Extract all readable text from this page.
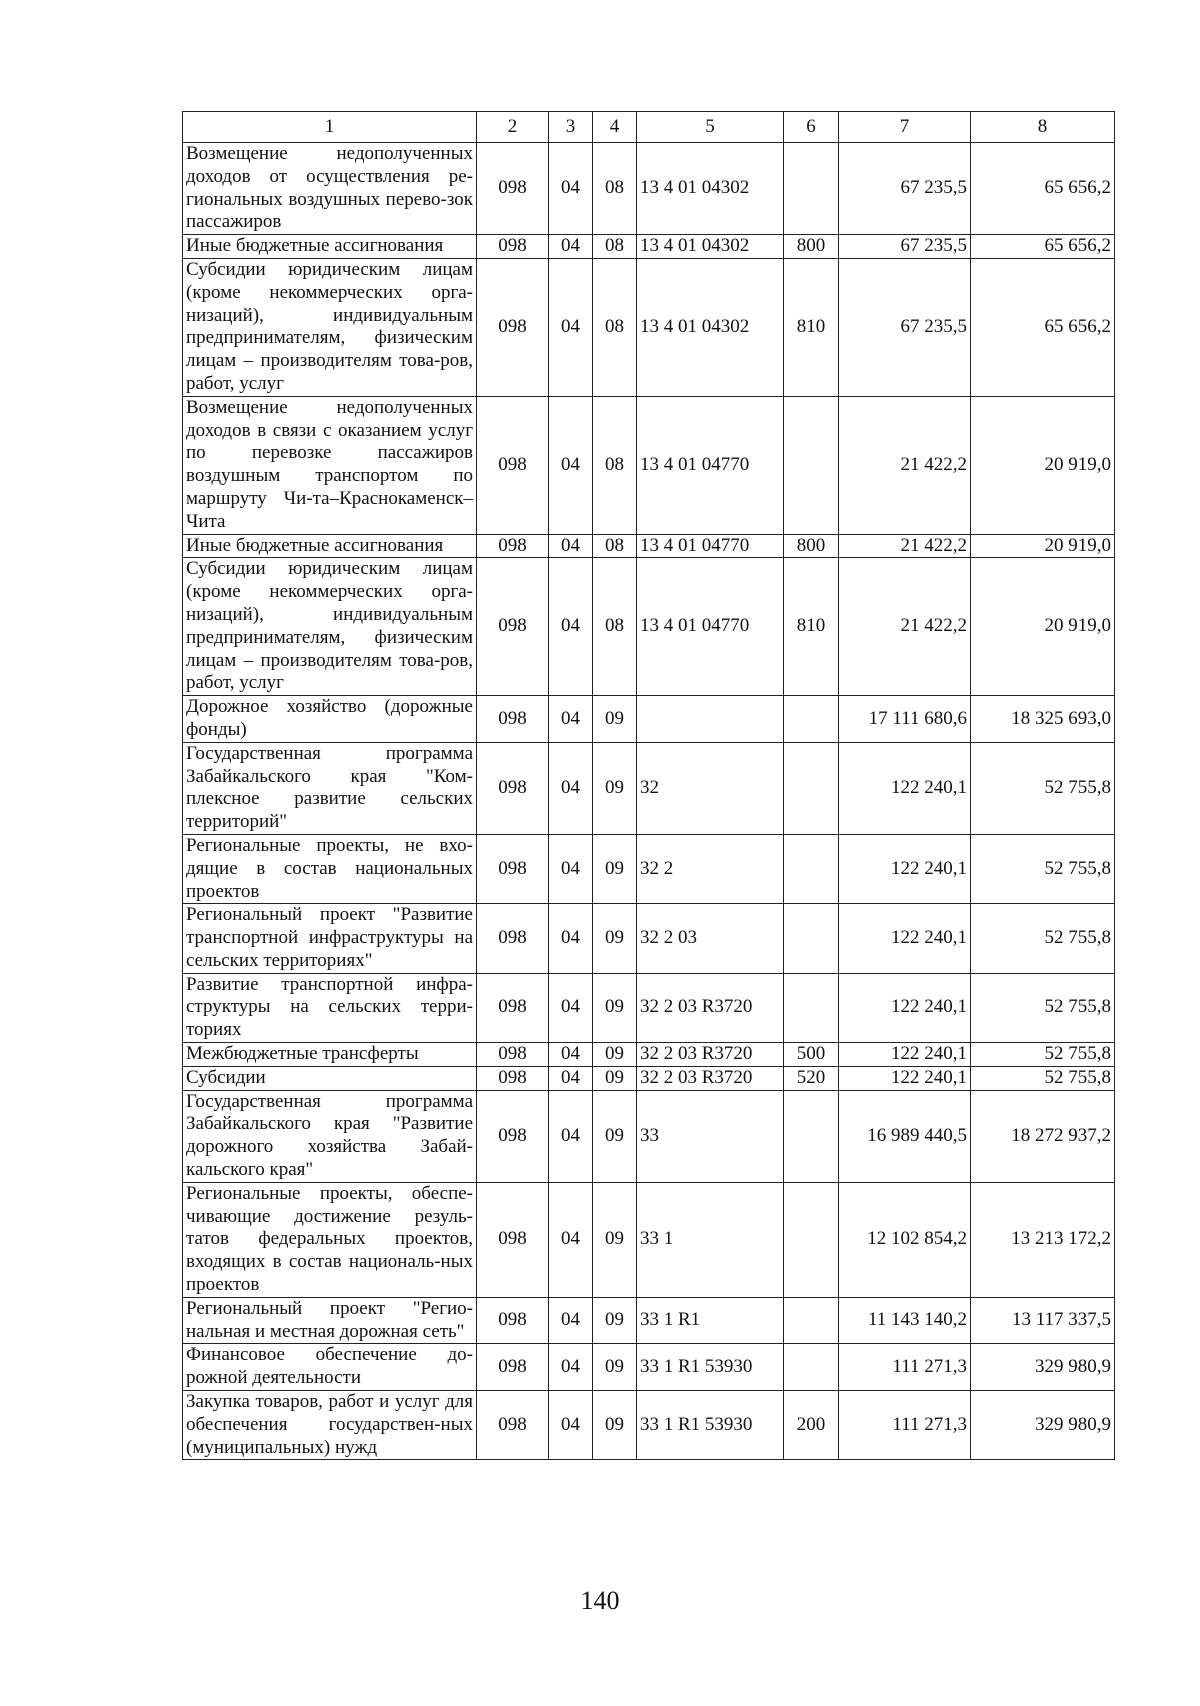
1	2	3	4	5	6	7	8
Возмещение недополученных доходов от осуществления ре-гиональных воздушных перево-зок пассажиров	098	04	08	13 4 01 04302		67 235,5	65 656,2
Иные бюджетные ассигнования	098	04	08	13 4 01 04302	800	67 235,5	65 656,2
Субсидии юридическим лицам (кроме некоммерческих орга-низаций), индивидуальным предпринимателям, физическим лицам – производителям това-ров, работ, услуг	098	04	08	13 4 01 04302	810	67 235,5	65 656,2
Возмещение недополученных доходов в связи с оказанием услуг по перевозке пассажиров воздушным транспортом по маршруту Чи-та–Краснокаменск–Чита	098	04	08	13 4 01 04770		21 422,2	20 919,0
Иные бюджетные ассигнования	098	04	08	13 4 01 04770	800	21 422,2	20 919,0
Субсидии юридическим лицам (кроме некоммерческих орга-низаций), индивидуальным предпринимателям, физическим лицам – производителям това-ров, работ, услуг	098	04	08	13 4 01 04770	810	21 422,2	20 919,0
Дорожное хозяйство (дорожные фонды)	098	04	09			17 111 680,6	18 325 693,0
Государственная программа Забайкальского края "Ком-плексное развитие сельских территорий"	098	04	09	32		122 240,1	52 755,8
Региональные проекты, не вхо-дящие в состав национальных проектов	098	04	09	32 2		122 240,1	52 755,8
Региональный проект "Развитие транспортной инфраструктуры на сельских территориях"	098	04	09	32 2 03		122 240,1	52 755,8
Развитие транспортной инфра-структуры на сельских терри-ториях	098	04	09	32 2 03 R3720		122 240,1	52 755,8
Межбюджетные трансферты	098	04	09	32 2 03 R3720	500	122 240,1	52 755,8
Субсидии	098	04	09	32 2 03 R3720	520	122 240,1	52 755,8
Государственная программа Забайкальского края "Развитие дорожного хозяйства Забай-кальского края"	098	04	09	33		16 989 440,5	18 272 937,2
Региональные проекты, обеспе-чивающие достижение резуль-татов федеральных проектов, входящих в состав националь-ных проектов	098	04	09	33 1		12 102 854,2	13 213 172,2
Региональный проект "Регио-нальная и местная дорожная сеть"	098	04	09	33 1 R1		11 143 140,2	13 117 337,5
Финансовое обеспечение до-рожной деятельности	098	04	09	33 1 R1 53930		111 271,3	329 980,9
Закупка товаров, работ и услуг для обеспечения государствен-ных (муниципальных) нужд	098	04	09	33 1 R1 53930	200	111 271,3	329 980,9
140
